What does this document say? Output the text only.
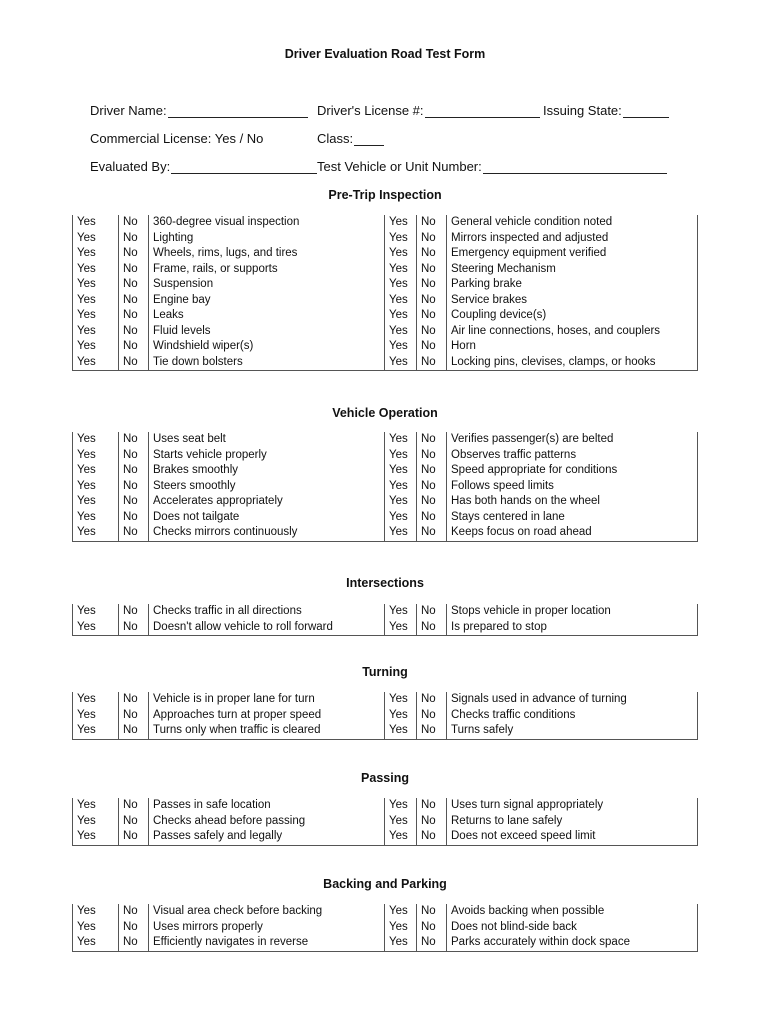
Driver Evaluation Road Test Form
Driver Name:	Driver's License #:	Issuing State:
Commercial License: Yes / No	Class:
Evaluated By:	Test Vehicle or Unit Number:
Pre-Trip Inspection
Yes	No	360-degree visual inspection	Yes	No	General vehicle condition noted
Yes	No	Lighting	Yes	No	Mirrors inspected and adjusted
Yes	No	Wheels, rims, lugs, and tires	Yes	No	Emergency equipment verified
Yes	No	Frame, rails, or supports	Yes	No	Steering Mechanism
Yes	No	Suspension	Yes	No	Parking brake
Yes	No	Engine bay	Yes	No	Service brakes
Yes	No	Leaks	Yes	No	Coupling device(s)
Yes	No	Fluid levels	Yes	No	Air line connections, hoses, and couplers
Yes	No	Windshield wiper(s)	Yes	No	Horn
Yes	No	Tie down bolsters	Yes	No	Locking pins, clevises, clamps, or hooks
Vehicle Operation
Yes	No	Uses seat belt	Yes	No	Verifies passenger(s) are belted
Yes	No	Starts vehicle properly	Yes	No	Observes traffic patterns
Yes	No	Brakes smoothly	Yes	No	Speed appropriate for conditions
Yes	No	Steers smoothly	Yes	No	Follows speed limits
Yes	No	Accelerates appropriately	Yes	No	Has both hands on the wheel
Yes	No	Does not tailgate	Yes	No	Stays centered in lane
Yes	No	Checks mirrors continuously	Yes	No	Keeps focus on road ahead
Intersections
Yes	No	Checks traffic in all directions	Yes	No	Stops vehicle in proper location
Yes	No	Doesn't allow vehicle to roll forward	Yes	No	Is prepared to stop
Turning
Yes	No	Vehicle is in proper lane for turn	Yes	No	Signals used in advance of turning
Yes	No	Approaches turn at proper speed	Yes	No	Checks traffic conditions
Yes	No	Turns only when traffic is cleared	Yes	No	Turns safely
Passing
Yes	No	Passes in safe location	Yes	No	Uses turn signal appropriately
Yes	No	Checks ahead before passing	Yes	No	Returns to lane safely
Yes	No	Passes safely and legally	Yes	No	Does not exceed speed limit
Backing and Parking
Yes	No	Visual area check before backing	Yes	No	Avoids backing when possible
Yes	No	Uses mirrors properly	Yes	No	Does not blind-side back
Yes	No	Efficiently navigates in reverse	Yes	No	Parks accurately within dock space
